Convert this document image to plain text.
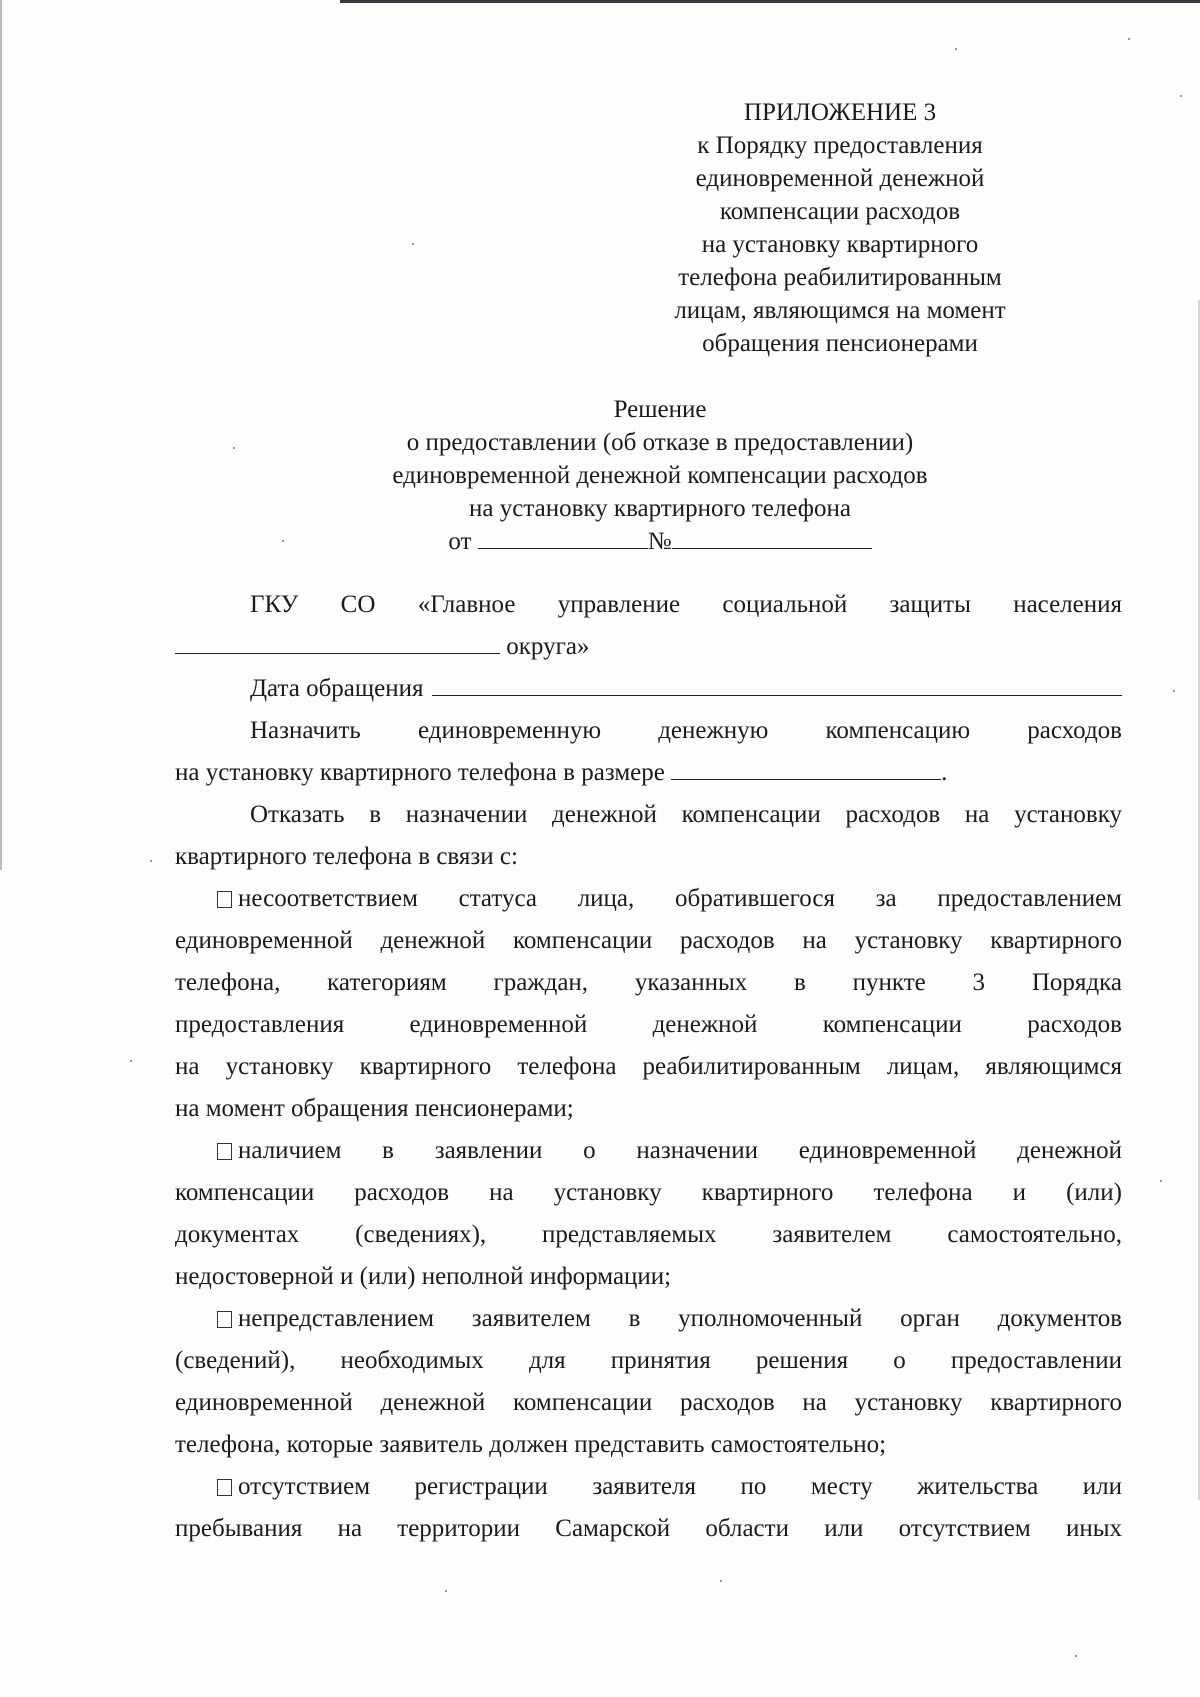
ПРИЛОЖЕНИЕ 3
к Порядку предоставления
единовременной денежной
компенсации расходов
на установку квартирного
телефона реабилитированным
лицам, являющимся на момент
обращения пенсионерами
Решение
о предоставлении (об отказе в предоставлении)
единовременной денежной компенсации расходов
на установку квартирного телефона
от	№
ГКУ СО «Главное управление социальной защиты населения
округа»
Дата обращения
Назначить единовременную денежную компенсацию расходов
на установку квартирного телефона в размере	.
Отказать в назначении денежной компенсации расходов на установку
квартирного телефона в связи с:
несоответствием статуса лица, обратившегося за предоставлением
единовременной денежной компенсации расходов на установку квартирного
телефона, категориям граждан, указанных в пункте 3 Порядка
предоставления единовременной денежной компенсации расходов
на установку квартирного телефона реабилитированным лицам, являющимся
на момент обращения пенсионерами;
наличием в заявлении о назначении единовременной денежной
компенсации расходов на установку квартирного телефона и (или)
документах (сведениях), представляемых заявителем самостоятельно,
недостоверной и (или) неполной информации;
непредставлением заявителем в уполномоченный орган документов
(сведений), необходимых для принятия решения о предоставлении
единовременной денежной компенсации расходов на установку квартирного
телефона, которые заявитель должен представить самостоятельно;
отсутствием регистрации заявителя по месту жительства или
пребывания на территории Самарской области или отсутствием иных
